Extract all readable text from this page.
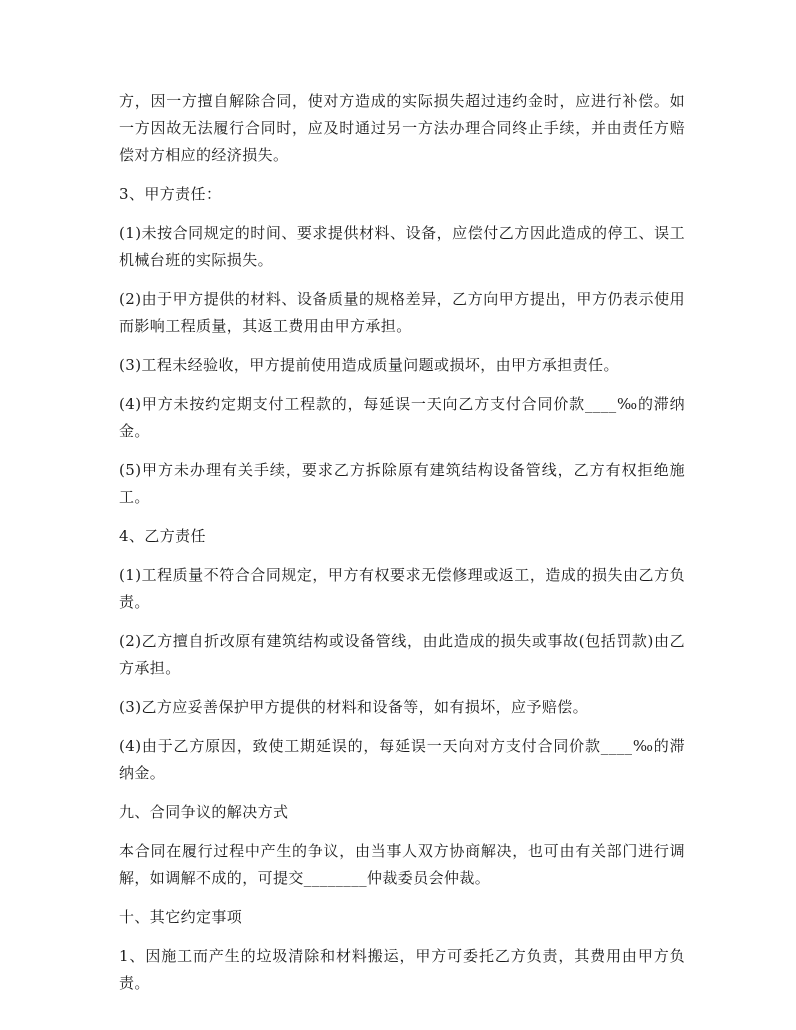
方，因一方擅自解除合同，使对方造成的实际损失超过违约金时，应进行补偿。如一方因故无法履行合同时，应及时通过另一方法办理合同终止手续，并由责任方赔偿对方相应的经济损失。

3、甲方责任：

(1)未按合同规定的时间、要求提供材料、设备，应偿付乙方因此造成的停工、误工机械台班的实际损失。

(2)由于甲方提供的材料、设备质量的规格差异，乙方向甲方提出，甲方仍表示使用而影响工程质量，其返工费用由甲方承担。

(3)工程未经验收，甲方提前使用造成质量问题或损坏，由甲方承担责任。

(4)甲方未按约定期支付工程款的，每延误一天向乙方支付合同价款____‰的滞纳金。

(5)甲方未办理有关手续，要求乙方拆除原有建筑结构设备管线，乙方有权拒绝施工。

4、乙方责任

(1)工程质量不符合合同规定，甲方有权要求无偿修理或返工，造成的损失由乙方负责。

(2)乙方擅自折改原有建筑结构或设备管线，由此造成的损失或事故(包括罚款)由乙方承担。

(3)乙方应妥善保护甲方提供的材料和设备等，如有损坏，应予赔偿。

(4)由于乙方原因，致使工期延误的，每延误一天向对方支付合同价款____‰的滞纳金。

九、合同争议的解决方式

本合同在履行过程中产生的争议，由当事人双方协商解决，也可由有关部门进行调解，如调解不成的，可提交________仲裁委员会仲裁。

十、其它约定事项

1、因施工而产生的垃圾清除和材料搬运，甲方可委托乙方负责，其费用由甲方负责。
